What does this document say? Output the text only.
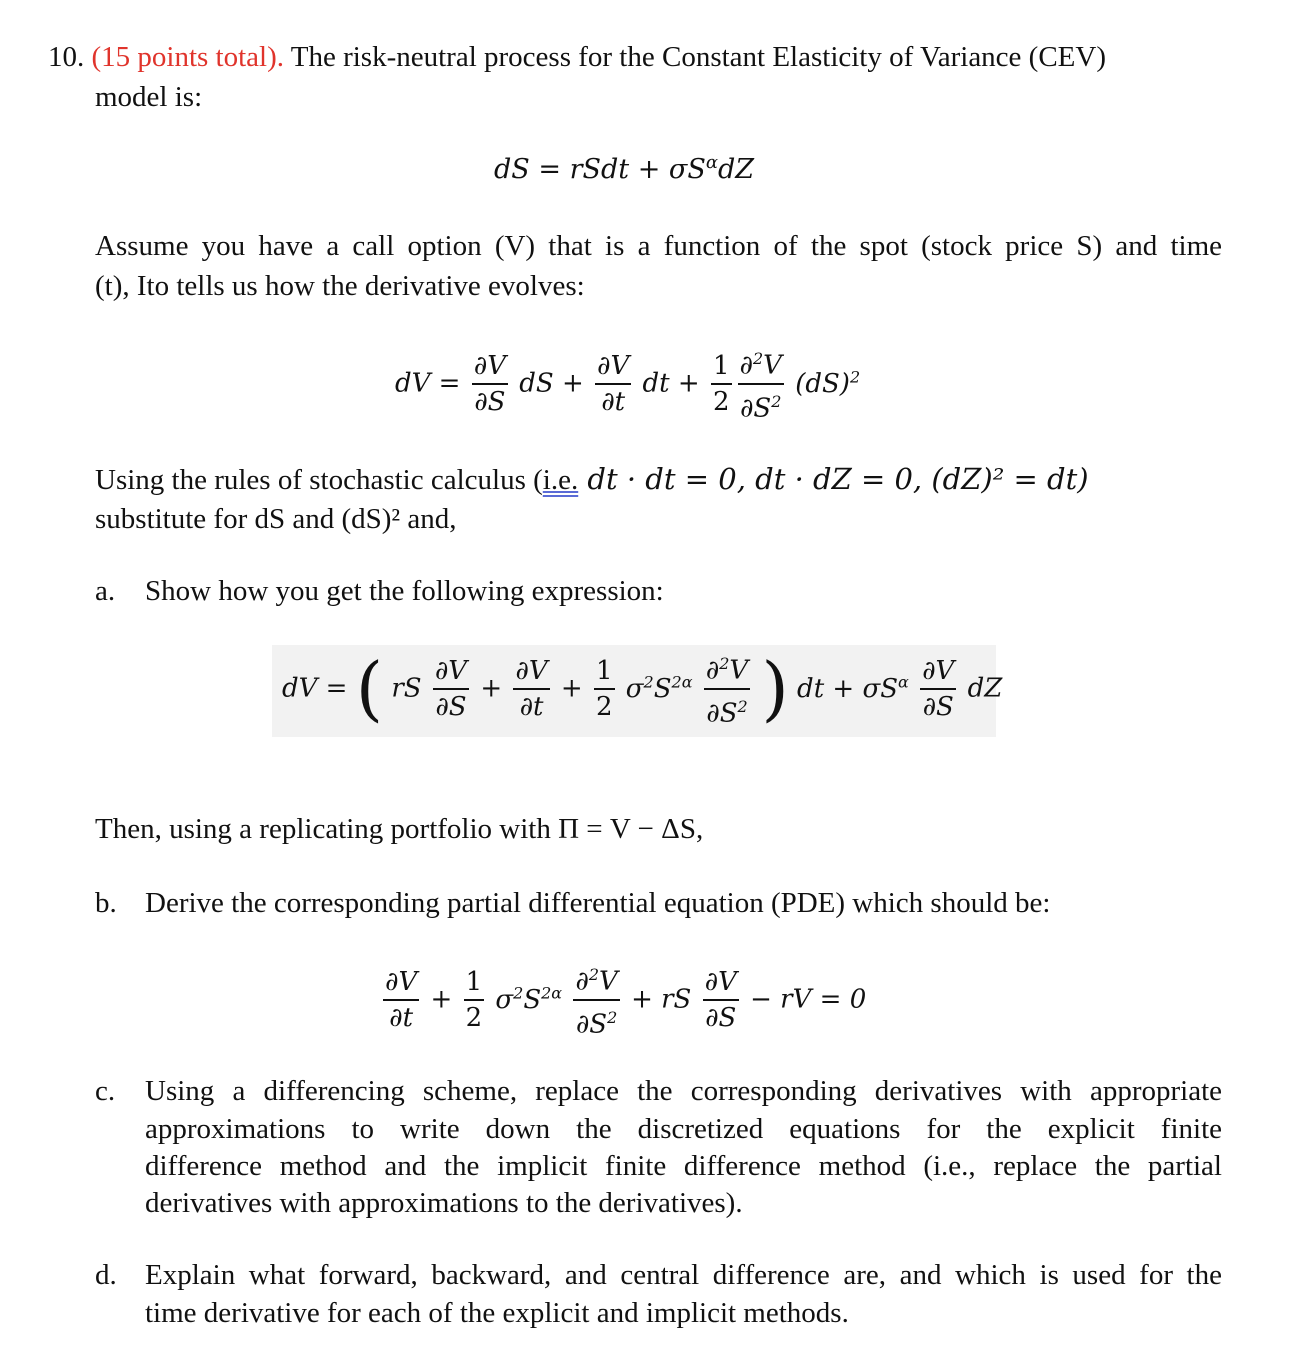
10. (15 points total). The risk-neutral process for the Constant Elasticity of Variance (CEV)
model is:
dS = rSdt + $\sigma S^\alpha dZ$
Assume you have a call option (V) that is a function of the spot (stock price S) and time
(t), Ito tells us how the derivative evolves:
dV = $\frac{\partial V}{\partial S}$ dS + $\frac{\partial V}{\partial t}$ dt + $\frac{1}{2} \frac{\partial^2V}{\partial S^2} (dS)^2$
Using the rules of stochastic calculus (i.e. dt · dt = 0, dt · dZ = 0, (dZ)² = dt)
substitute for dS and (dS)² and,
a. Show how you get the following expression:
dV = ( rS $\frac{\partial V}{\partial S} + \frac{\partial V}{\partial t} + \frac{1}{2} \sigma^2S^{2\alpha} \frac{\partial^2V}{\partial S^2}$ ) dt + $\sigma S^\alpha \frac{\partial V}{\partial S}$ dZ
Then, using a replicating portfolio with Π = V − ΔS,
b. Derive the corresponding partial differential equation (PDE) which should be:
$\frac{\partial V}{\partial t} + \frac{1}{2} \sigma^2S^{2\alpha} \frac{\partial^2V}{\partial S^2}$ + rS $\frac{\partial V}{\partial S}$ − rV = 0
c. Using a differencing scheme, replace the corresponding derivatives with appropriate
approximations to write down the discretized equations for the explicit finite
difference method and the implicit finite difference method (i.e., replace the partial
derivatives with approximations to the derivatives).
d. Explain what forward, backward, and central difference are, and which is used for the
time derivative for each of the explicit and implicit methods.
